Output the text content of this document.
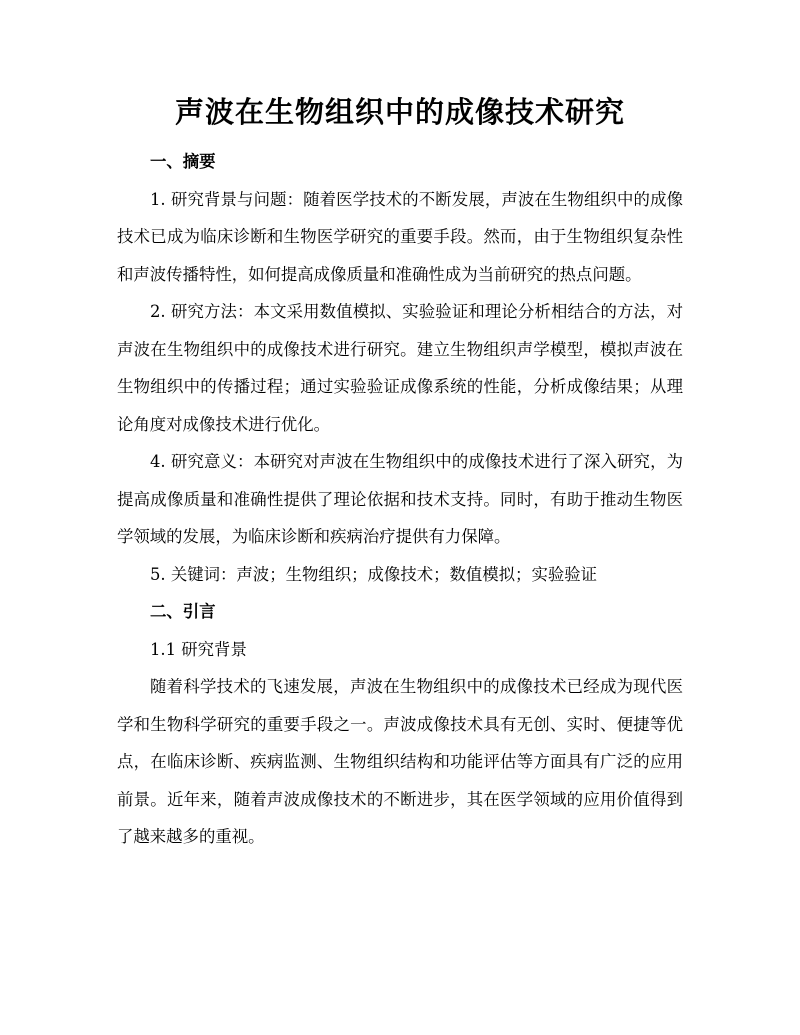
声波在生物组织中的成像技术研究

一、摘要

1. 研究背景与问题：随着医学技术的不断发展，声波在生物组织中的成像技术已成为临床诊断和生物医学研究的重要手段。然而，由于生物组织复杂性和声波传播特性，如何提高成像质量和准确性成为当前研究的热点问题。

2. 研究方法：本文采用数值模拟、实验验证和理论分析相结合的方法，对声波在生物组织中的成像技术进行研究。建立生物组织声学模型，模拟声波在生物组织中的传播过程；通过实验验证成像系统的性能，分析成像结果；从理论角度对成像技术进行优化。

4. 研究意义：本研究对声波在生物组织中的成像技术进行了深入研究，为提高成像质量和准确性提供了理论依据和技术支持。同时，有助于推动生物医学领域的发展，为临床诊断和疾病治疗提供有力保障。

5. 关键词：声波；生物组织；成像技术；数值模拟；实验验证

二、引言

1.1 研究背景

随着科学技术的飞速发展，声波在生物组织中的成像技术已经成为现代医学和生物科学研究的重要手段之一。声波成像技术具有无创、实时、便捷等优点，在临床诊断、疾病监测、生物组织结构和功能评估等方面具有广泛的应用前景。近年来，随着声波成像技术的不断进步，其在医学领域的应用价值得到了越来越多的重视。
